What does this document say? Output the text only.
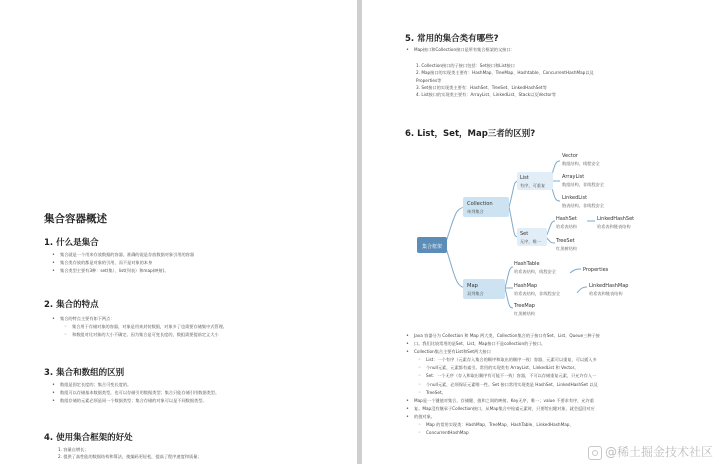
集合容器概述
1. 什么是集合
• 集合就是一个用来存放数据的容器，准确的说是存放数据对象引用的容器
• 集合类存放的都是对象的引用，而不是对象的本身
• 集合类型主要有3种：set(集）、list(列表）和map(映射)。
2. 集合的特点
• 集合的特点主要有如下两点：
◦ 集合用于存储对象的容器，对象是用来封装数据，对象多了也需要存储集中式管理。
◦ 和数组对比对象的大小不确定。因为集合是可变长度的，数组需要提前定义大小
3. 集合和数组的区别
• 数组是固定长度的；集合可变长度的。
• 数组可以存储基本数据类型，也可以存储引用数据类型；集合只能存储引用数据类型。
• 数组存储的元素必须是同一个数据类型；集合存储的对象可以是不同数据类型。
4. 使用集合框架的好处
1. 容量自增长；
2. 提供了高性能的数据结构和算法，使编码更轻松，提高了程序速度和质量；
5. 常用的集合类有哪些?
• Map接口和Collection接口是所有集合框架的父接口：
1. Collection接口的子接口包括：Set接口和List接口
2. Map接口的实现类主要有：HashMap、TreeMap、Hashtable、ConcurrentHashMap以及
Properties等
3. Set接口的实现类主要有：HashSet、TreeSet、LinkedHashSet等
4. List接口的实现类主要有：ArrayList、LinkedList、Stack以及Vector等
6. List，Set，Map三者的区别?
• Java 容器分为 Collection 和 Map 两大类，Collection集合的子接口有Set、List、Queue三种子接
• 口。我们比较常用的是Set、List，Map接口不是collection的子接口。
• Collection集合主要有List和Set两大接口
◦ List：一个有序（元素存入集合的顺序和取出的顺序一致）容器，元素可以重复，可以插入多
◦ 个null元素，元素都有索引。常用的实现类有 ArrayList、LinkedList 和 Vector。
◦ Set：一个无序（存入和取出顺序有可能不一致）容器，不可以存储重复元素，只允许存入一
◦ 个null元素，必须保证元素唯一性。Set 接口常用实现类是 HashSet、LinkedHashSet 以及
◦ TreeSet。
• Map是一个键值对集合，存储键、值和之间的映射。Key无序，唯一；value 不要求有序，允许重
• 复。Map没有继承于Collection接口，从Map集合中检索元素时，只要给出键对象，就会返回对应
• 的值对象。
◦ Map 的常用实现类：HashMap、TreeMap、HashTable、LinkedHashMap、
◦ ConcurrentHashMap
@稀土掘金技术社区
集合框架
Collection
单列集合
Map
双列集合
List
有序，可重复
Set
无序，唯一
Vector
数组结构，线程安全
ArrayList
数组结构，非线程安全
LinkedList
链表结构，非线程安全
HashSet
哈希表结构
LinkedHashSet
哈希表和链表结构
TreeSet
红黑树结构
HashTable
哈希表结构，线程安全	Properties
HashMap
哈希表结构，非线程安全
LinkedHashMap
哈希表和链表结构
TreeMap
红黑树结构
